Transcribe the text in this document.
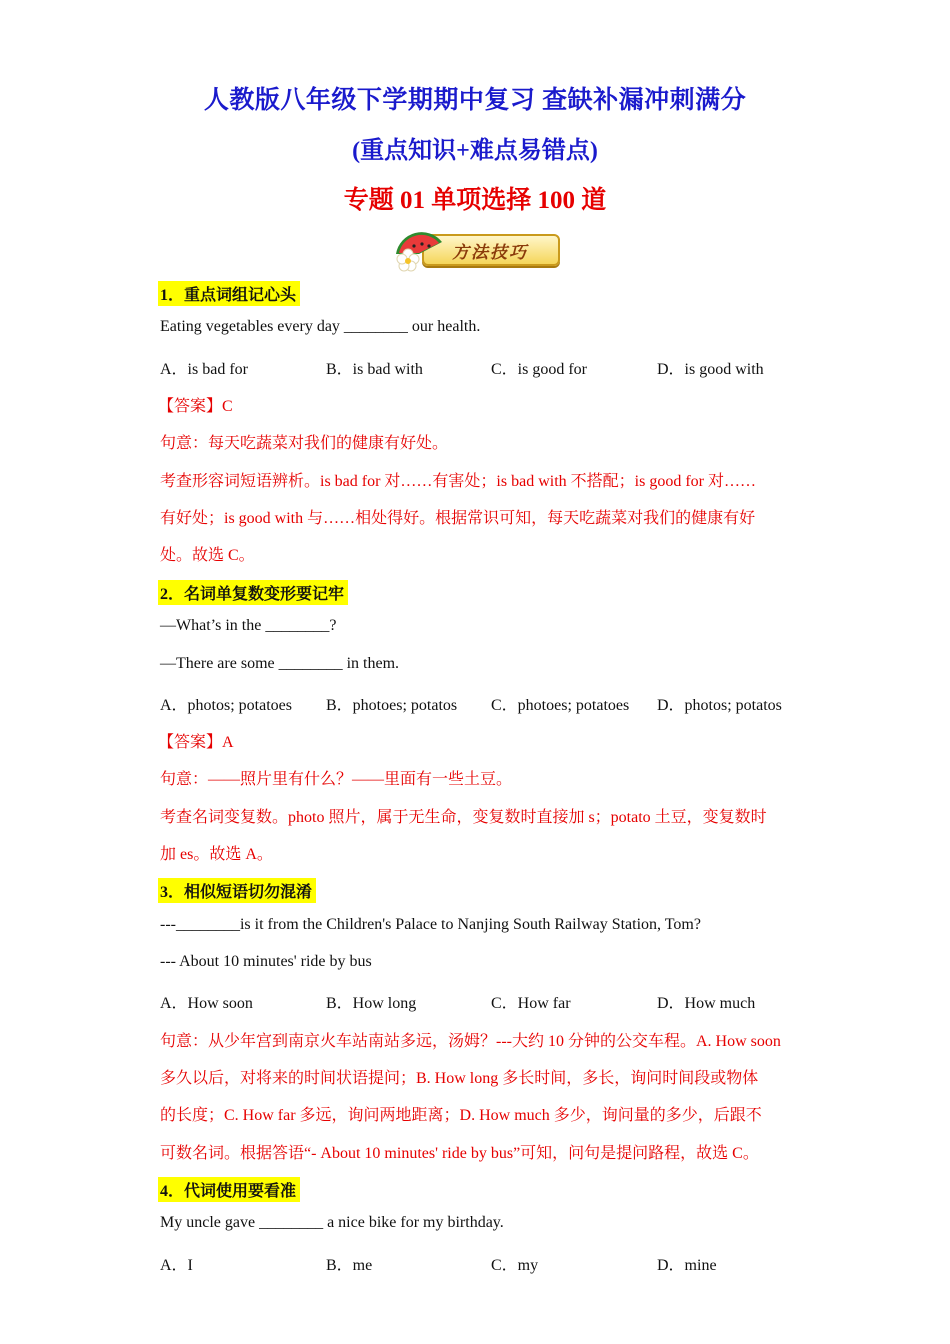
人教版八年级下学期期中复习 查缺补漏冲刺满分
(重点知识+难点易错点)
专题 01 单项选择 100 道
方法技巧
1．重点词组记心头
Eating vegetables every day ________ our health.
A．is bad for	B．is bad with	C．is good for	D．is good with
【答案】C
句意：每天吃蔬菜对我们的健康有好处。
考查形容词短语辨析。is bad for 对……有害处；is bad with 不搭配；is good for 对……
有好处；is good with 与……相处得好。根据常识可知，每天吃蔬菜对我们的健康有好
处。故选 C。
2．名词单复数变形要记牢
—What’s in the ________?
—There are some ________ in them.
A．photos; potatoes B．photoes; potatos C．photoes; potatoes D．photos; potatos
【答案】A
句意：——照片里有什么？——里面有一些土豆。
考查名词变复数。photo 照片，属于无生命，变复数时直接加 s；potato 土豆，变复数时
加 es。故选 A。
3．相似短语切勿混淆
---________is it from the Children's Palace to Nanjing South Railway Station, Tom?
--- About 10 minutes' ride by bus
A．How soon	B．How long	C．How far	D．How much
句意：从少年宫到南京火车站南站多远，汤姆？---大约 10 分钟的公交车程。A. How soon
多久以后，对将来的时间状语提问；B. How long 多长时间，多长，询问时间段或物体
的长度；C. How far 多远，询问两地距离；D. How much 多少，询问量的多少，后跟不
可数名词。根据答语“- About 10 minutes' ride by bus”可知，问句是提问路程，故选 C。
4．代词使用要看准
My uncle gave ________ a nice bike for my birthday.
A．I	B．me	C．my	D．mine
